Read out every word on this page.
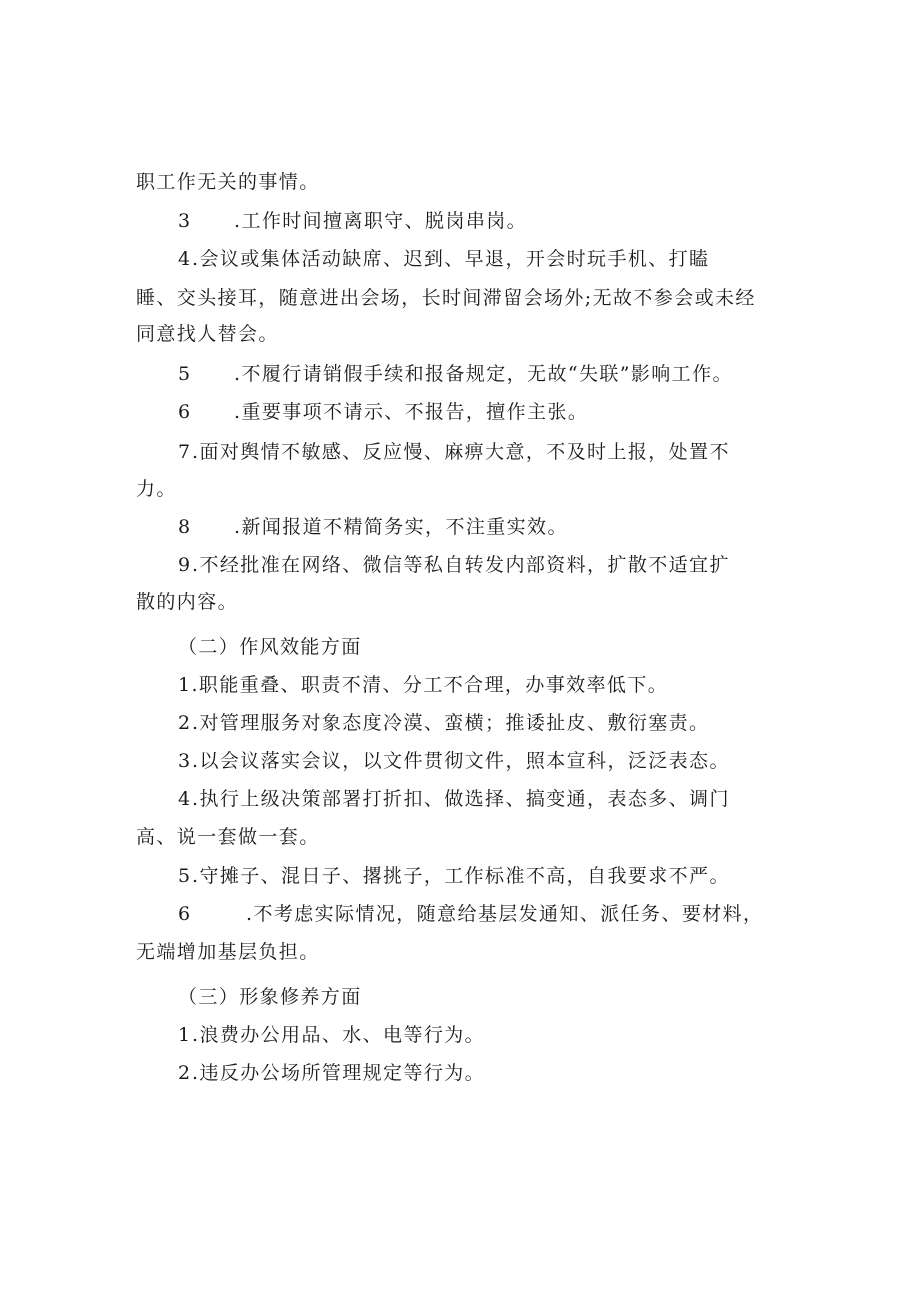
职工作无关的事情。
3 .工作时间擅离职守、脱岗串岗。
4.会议或集体活动缺席、迟到、早退，开会时玩手机、打瞌
睡、交头接耳，随意进出会场，长时间滞留会场外;无故不参会或未经
同意找人替会。
5 .不履行请销假手续和报备规定，无故“失联”影响工作。
6 .重要事项不请示、不报告，擅作主张。
7.面对舆情不敏感、反应慢、麻痹大意，不及时上报，处置不
力。
8 .新闻报道不精简务实，不注重实效。
9.不经批准在网络、微信等私自转发内部资料，扩散不适宜扩
散的内容。
（二）作风效能方面
1.职能重叠、职责不清、分工不合理，办事效率低下。
2.对管理服务对象态度冷漠、蛮横；推诿扯皮、敷衍塞责。
3.以会议落实会议，以文件贯彻文件，照本宣科，泛泛表态。
4.执行上级决策部署打折扣、做选择、搞变通，表态多、调门
高、说一套做一套。
5.守摊子、混日子、撂挑子，工作标准不高，自我要求不严。
6	.不考虑实际情况，随意给基层发通知、派任务、要材料，
无端增加基层负担。
（三）形象修养方面
1.浪费办公用品、水、电等行为。
2.违反办公场所管理规定等行为。
